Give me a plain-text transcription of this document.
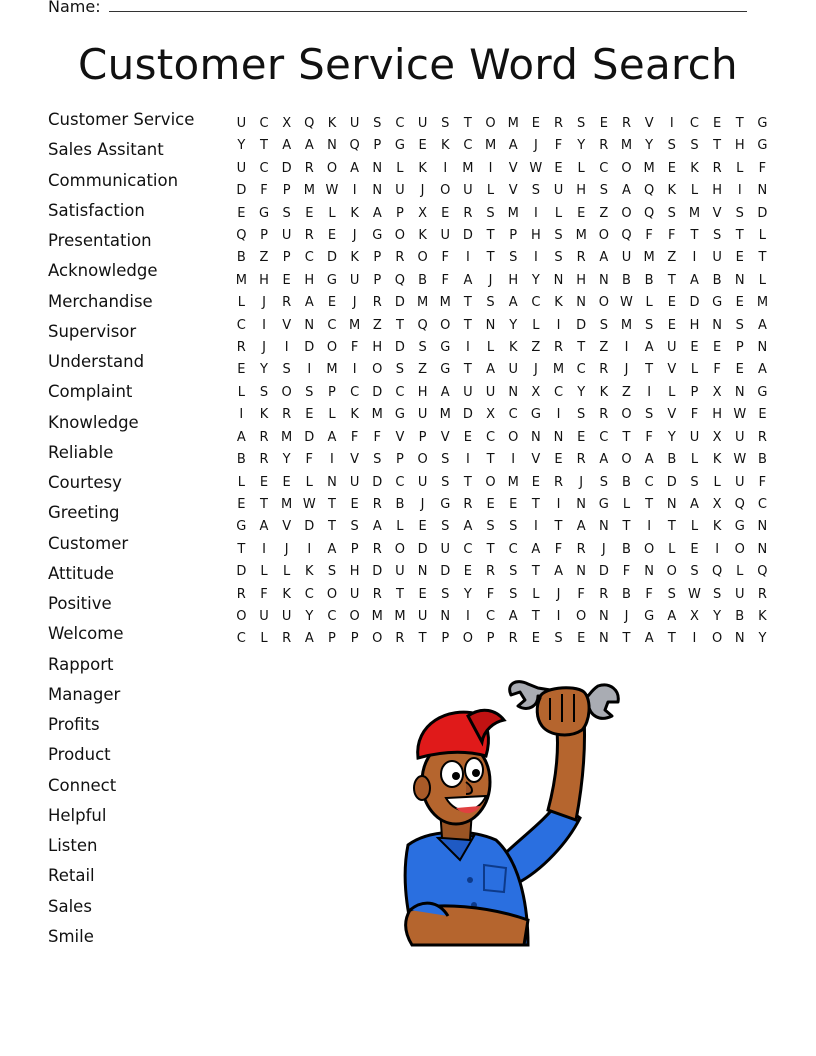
Name:
Customer Service Word Search
Customer Service
Sales Assitant
Communication
Satisfaction
Presentation
Acknowledge
Merchandise
Supervisor
Understand
Complaint
Knowledge
Reliable
Courtesy
Greeting
Customer
Attitude
Positive
Welcome
Rapport
Manager
Profits
Product
Connect
Helpful
Listen
Retail
Sales
Smile
U	C	X	Q	K	U	S	C	U	S	T	O	M	E	R	S	E	R	V	I	C	E	T	G
Y	T	A	A	N	Q	P	G	E	K	C	M	A	J	F	Y	R	M	Y	S	S	T	H	G
U	C	D	R	O	A	N	L	K	I	M	I	V	W	E	L	C	O	M	E	K	R	L	F
D	F	P	M	W	I	N	U	J	O	U	L	V	S	U	H	S	A	Q	K	L	H	I	N
E	G	S	E	L	K	A	P	X	E	R	S	M	I	L	E	Z	O	Q	S	M	V	S	D
Q	P	U	R	E	J	G	O	K	U	D	T	P	H	S	M	O	Q	F	F	T	S	T	L
B	Z	P	C	D	K	P	R	O	F	I	T	S	I	S	R	A	U	M	Z	I	U	E	T
M	H	E	H	G	U	P	Q	B	F	A	J	H	Y	N	H	N	B	B	T	A	B	N	L
L	J	R	A	E	J	R	D	M	M	T	S	A	C	K	N	O	W	L	E	D	G	E	M
C	I	V	N	C	M	Z	T	Q	O	T	N	Y	L	I	D	S	M	S	E	H	N	S	A
R	J	I	D	O	F	H	D	S	G	I	L	K	Z	R	T	Z	I	A	U	E	E	P	N
E	Y	S	I	M	I	O	S	Z	G	T	A	U	J	M	C	R	J	T	V	L	F	E	A
L	S	O	S	P	C	D	C	H	A	U	U	N	X	C	Y	K	Z	I	L	P	X	N	G
I	K	R	E	L	K	M	G	U	M	D	X	C	G	I	S	R	O	S	V	F	H	W	E
A	R	M	D	A	F	F	V	P	V	E	C	O	N	N	E	C	T	F	Y	U	X	U	R
B	R	Y	F	I	V	S	P	O	S	I	T	I	V	E	R	A	O	A	B	L	K	W	B
L	E	E	L	N	U	D	C	U	S	T	O	M	E	R	J	S	B	C	D	S	L	U	F
E	T	M	W	T	E	R	B	J	G	R	E	E	T	I	N	G	L	T	N	A	X	Q	C
G	A	V	D	T	S	A	L	E	S	A	S	S	I	T	A	N	T	I	T	L	K	G	N
T	I	J	I	A	P	R	O	D	U	C	T	C	A	F	R	J	B	O	L	E	I	O	N
D	L	L	K	S	H	D	U	N	D	E	R	S	T	A	N	D	F	N	O	S	Q	L	Q
R	F	K	C	O	U	R	T	E	S	Y	F	S	L	J	F	R	B	F	S	W	S	U	R
O	U	U	Y	C	O	M	M	U	N	I	C	A	T	I	O	N	J	G	A	X	Y	B	K
C	L	R	A	P	P	O	R	T	P	O	P	R	E	S	E	N	T	A	T	I	O	N	Y
